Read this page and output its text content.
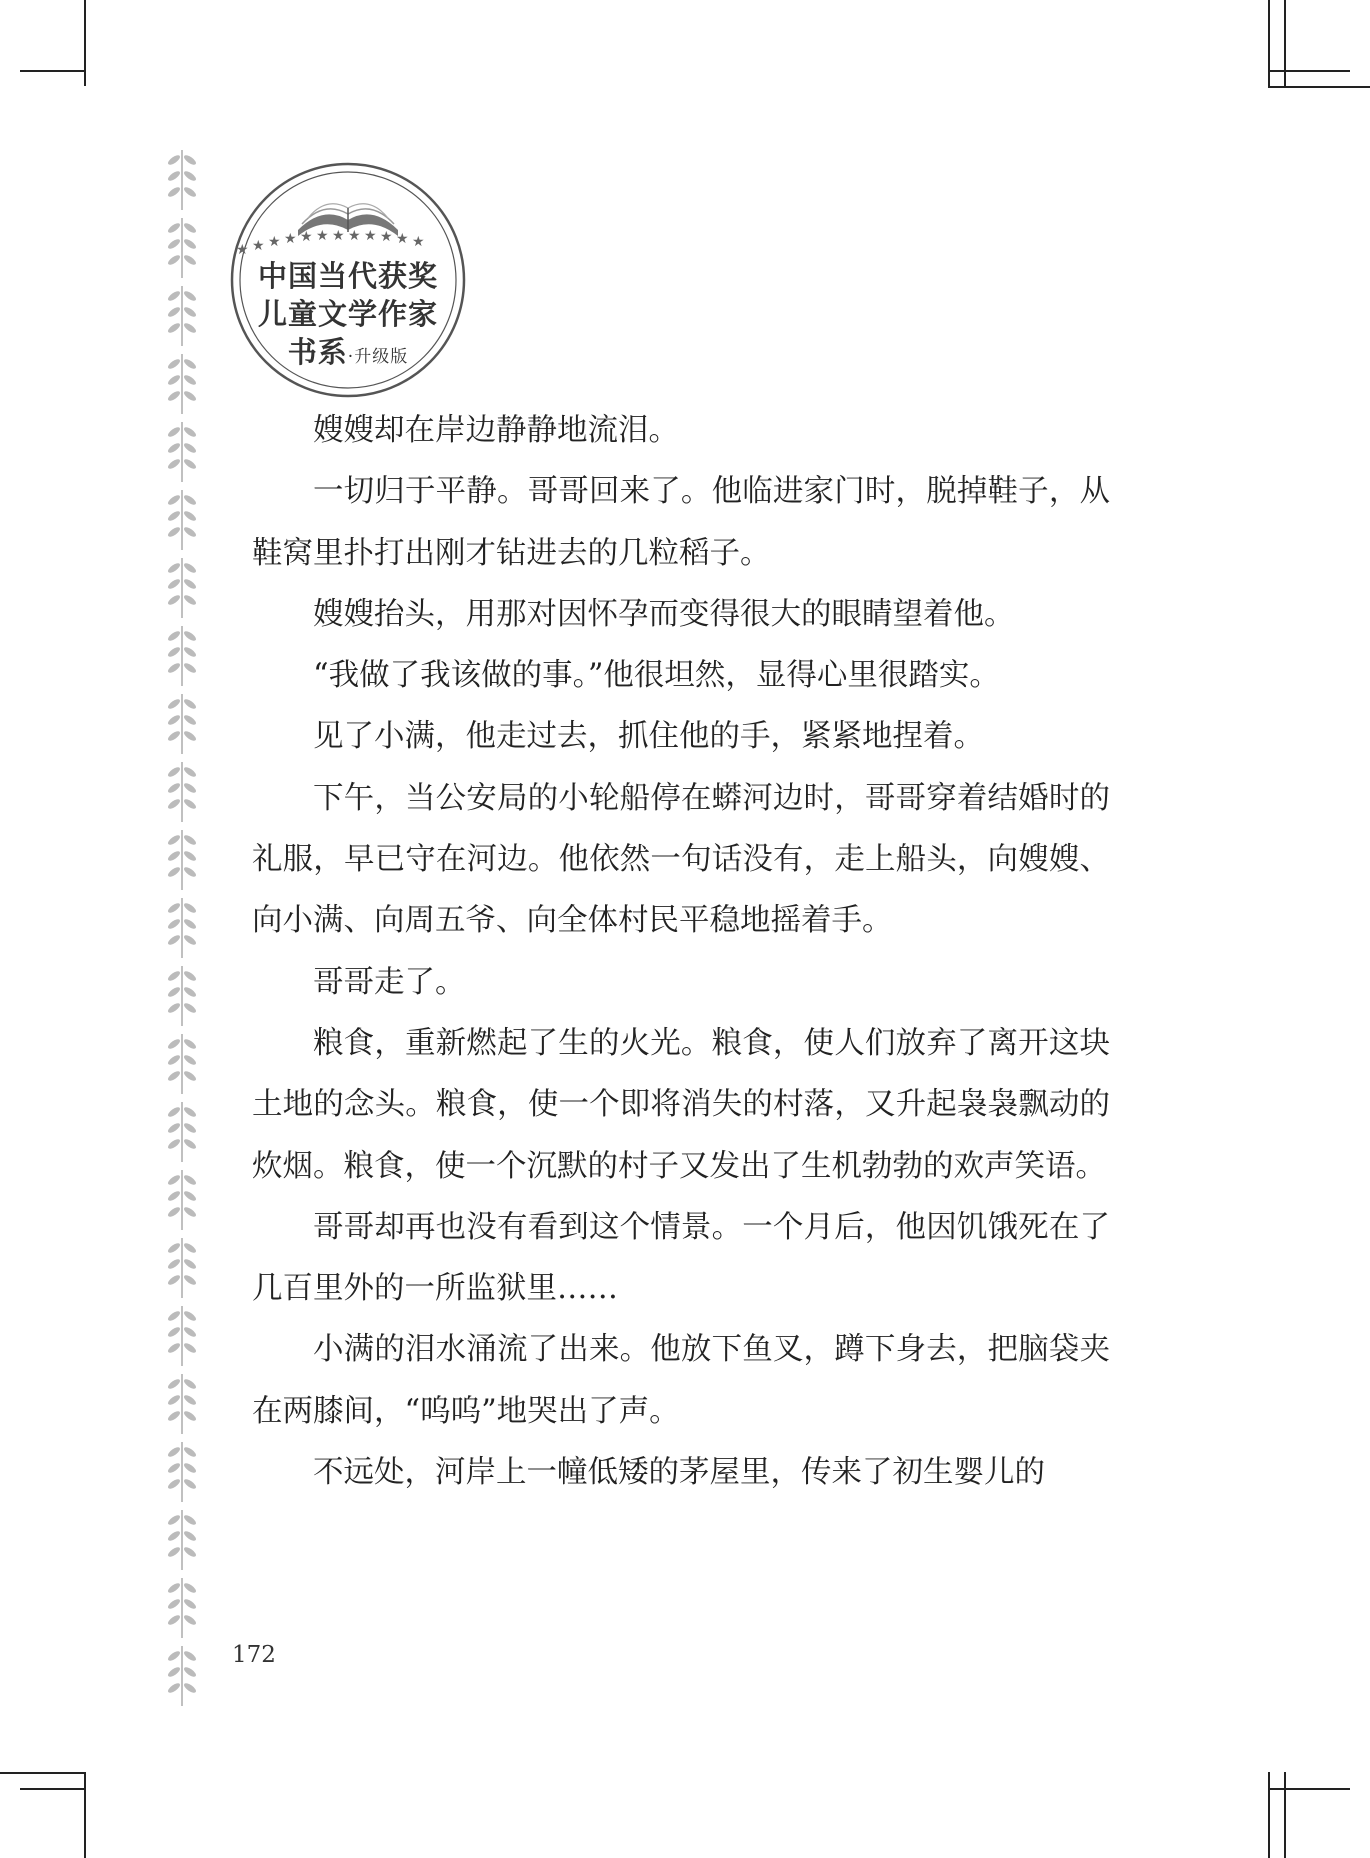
★ ★ ★ ★ ★ ★ ★ ★ ★ ★ ★ ★
中国当代获奖
儿童文学作家
书系·升级版

嫂嫂却在岸边静静地流泪。

一切归于平静。哥哥回来了。他临进家门时，脱掉鞋子，从鞋窝里扑打出刚才钻进去的几粒稻子。

嫂嫂抬头，用那对因怀孕而变得很大的眼睛望着他。

“我做了我该做的事。”他很坦然，显得心里很踏实。

见了小满，他走过去，抓住他的手，紧紧地捏着。

下午，当公安局的小轮船停在蟒河边时，哥哥穿着结婚时的礼服，早已守在河边。他依然一句话没有，走上船头，向嫂嫂、向小满、向周五爷、向全体村民平稳地摇着手。

哥哥走了。

粮食，重新燃起了生的火光。粮食，使人们放弃了离开这块土地的念头。粮食，使一个即将消失的村落，又升起袅袅飘动的炊烟。粮食，使一个沉默的村子又发出了生机勃勃的欢声笑语。

哥哥却再也没有看到这个情景。一个月后，他因饥饿死在了几百里外的一所监狱里……

小满的泪水涌流了出来。他放下鱼叉，蹲下身去，把脑袋夹在两膝间，“呜呜”地哭出了声。

不远处，河岸上一幢低矮的茅屋里，传来了初生婴儿的

172
